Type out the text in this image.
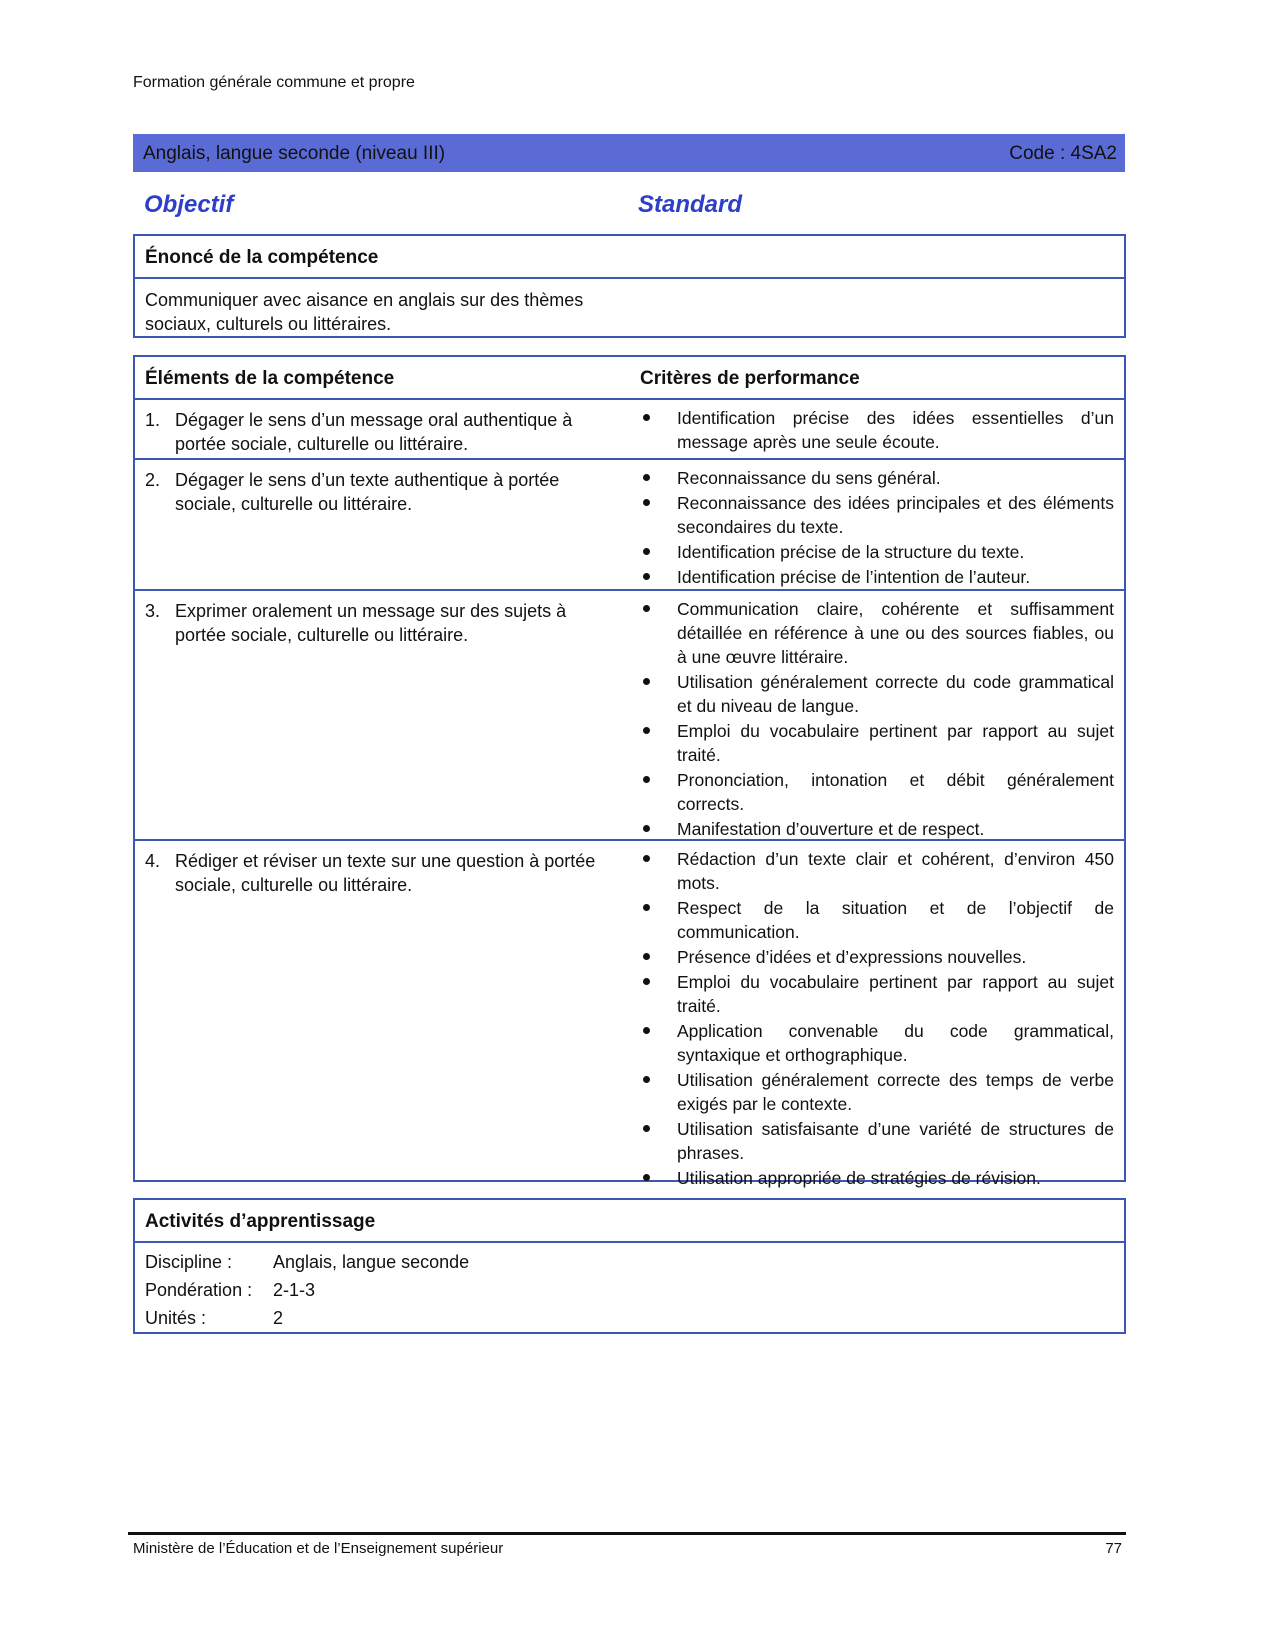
Formation générale commune et propre
Anglais, langue seconde (niveau III)	Code : 4SA2
Objectif	Standard
Énoncé de la compétence
Communiquer avec aisance en anglais sur des thèmes sociaux, culturels ou littéraires.
Éléments de la compétence	Critères de performance
1. Dégager le sens d’un message oral authentique à portée sociale, culturelle ou littéraire.
Identification précise des idées essentielles d’un message après une seule écoute.
2. Dégager le sens d’un texte authentique à portée sociale, culturelle ou littéraire.
Reconnaissance du sens général.
Reconnaissance des idées principales et des éléments secondaires du texte.
Identification précise de la structure du texte.
Identification précise de l’intention de l’auteur.
3. Exprimer oralement un message sur des sujets à portée sociale, culturelle ou littéraire.
Communication claire, cohérente et suffisamment détaillée en référence à une ou des sources fiables, ou à une œuvre littéraire.
Utilisation généralement correcte du code grammatical et du niveau de langue.
Emploi du vocabulaire pertinent par rapport au sujet traité.
Prononciation, intonation et débit généralement corrects.
Manifestation d’ouverture et de respect.
4. Rédiger et réviser un texte sur une question à portée sociale, culturelle ou littéraire.
Rédaction d’un texte clair et cohérent, d’environ 450 mots.
Respect de la situation et de l’objectif de communication.
Présence d’idées et d’expressions nouvelles.
Emploi du vocabulaire pertinent par rapport au sujet traité.
Application convenable du code grammatical, syntaxique et orthographique.
Utilisation généralement correcte des temps de verbe exigés par le contexte.
Utilisation satisfaisante d’une variété de structures de phrases.
Utilisation appropriée de stratégies de révision.
Activités d’apprentissage
Discipline : Anglais, langue seconde
Pondération : 2-1-3
Unités :	2
Ministère de l’Éducation et de l’Enseignement supérieur	77
